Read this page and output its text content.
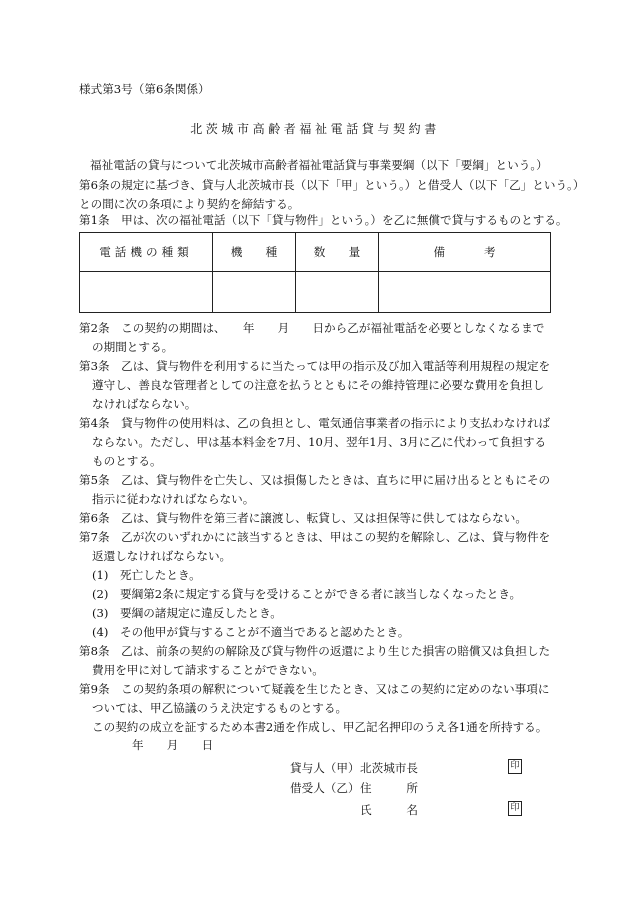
様式第3号（第6条関係）
北茨城市高齢者福祉電話貸与契約書
福祉電話の貸与について北茨城市高齢者福祉電話貸与事業要綱（以下「要綱」という。）
第6条の規定に基づき、貸与人北茨城市長（以下「甲」という。）と借受人（以下「乙」という。）
との間に次の条項により契約を締結する。
第1条　甲は、次の福祉電話（以下「貸与物件」という。）を乙に無償で貸与するものとする。
電話機の種類	機　　種	数　　量	備 考

第2条　この契約の期間は、　　年　　月　　日から乙が福祉電話を必要としなくなるまで
の期間とする。
第3条　乙は、貸与物件を利用するに当たっては甲の指示及び加入電話等利用規程の規定を
遵守し、善良な管理者としての注意を払うとともにその維持管理に必要な費用を負担し
なければならない。
第4条　貸与物件の使用料は、乙の負担とし、電気通信事業者の指示により支払わなければ
ならない。ただし、甲は基本料金を7月、10月、翌年1月、3月に乙に代わって負担する
ものとする。
第5条　乙は、貸与物件を亡失し、又は損傷したときは、直ちに甲に届け出るとともにその
指示に従わなければならない。
第6条　乙は、貸与物件を第三者に譲渡し、転貸し、又は担保等に供してはならない。
第7条　乙が次のいずれかにに該当するときは、甲はこの契約を解除し、乙は、貸与物件を
返還しなければならない。
(1)　死亡したとき。
(2)　要綱第2条に規定する貸与を受けることができる者に該当しなくなったとき。
(3)　要綱の諸規定に違反したとき。
(4)　その他甲が貸与することが不適当であると認めたとき。
第8条　乙は、前条の契約の解除及び貸与物件の返還により生じた損害の賠償又は負担した
費用を甲に対して請求することができない。
第9条　この契約条項の解釈について疑義を生じたとき、又はこの契約に定めのない事項に
ついては、甲乙協議のうえ決定するものとする。
この契約の成立を証するため本書2通を作成し、甲乙記名押印のうえ各1通を所持する。
年　　月　　日
貸与人（甲） 北茨城市長	印
借受人（乙） 住　　　所
氏　　　名	印
